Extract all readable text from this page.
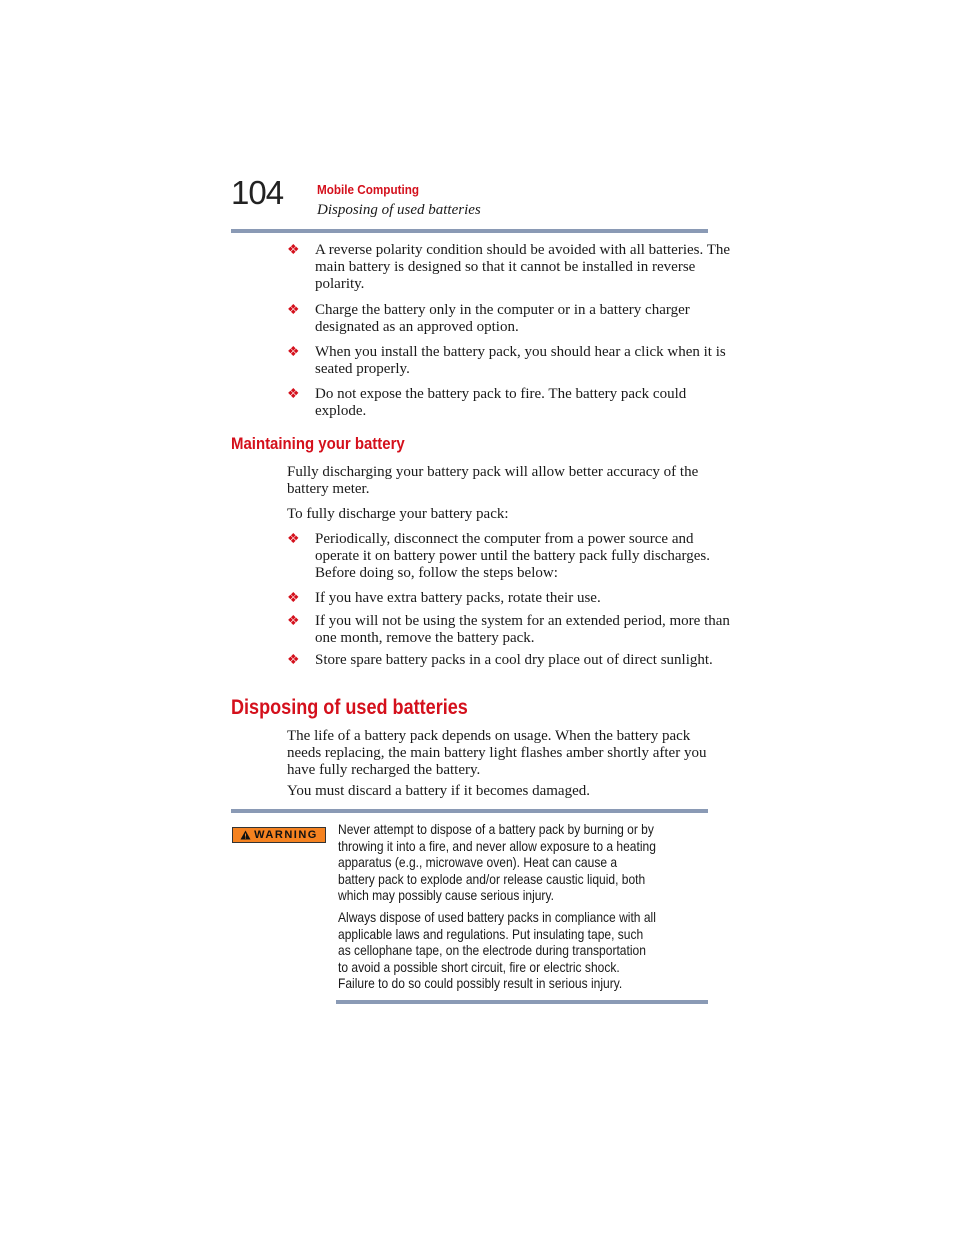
104	Mobile Computing
Disposing of used batteries
❖ A reverse polarity condition should be avoided with all batteries. The main battery is designed so that it cannot be installed in reverse polarity.
❖ Charge the battery only in the computer or in a battery charger designated as an approved option.
❖ When you install the battery pack, you should hear a click when it is seated properly.
❖ Do not expose the battery pack to fire. The battery pack could explode.
Maintaining your battery
Fully discharging your battery pack will allow better accuracy of the battery meter.
To fully discharge your battery pack:
❖ Periodically, disconnect the computer from a power source and operate it on battery power until the battery pack fully discharges. Before doing so, follow the steps below:
❖ If you have extra battery packs, rotate their use.
❖ If you will not be using the system for an extended period, more than one month, remove the battery pack.
❖ Store spare battery packs in a cool dry place out of direct sunlight.
Disposing of used batteries
The life of a battery pack depends on usage. When the battery pack needs replacing, the main battery light flashes amber shortly after you have fully recharged the battery.
You must discard a battery if it becomes damaged.
WARNING Never attempt to dispose of a battery pack by burning or by throwing it into a fire, and never allow exposure to a heating apparatus (e.g., microwave oven). Heat can cause a battery pack to explode and/or release caustic liquid, both which may possibly cause serious injury.
Always dispose of used battery packs in compliance with all applicable laws and regulations. Put insulating tape, such as cellophane tape, on the electrode during transportation to avoid a possible short circuit, fire or electric shock. Failure to do so could possibly result in serious injury.
